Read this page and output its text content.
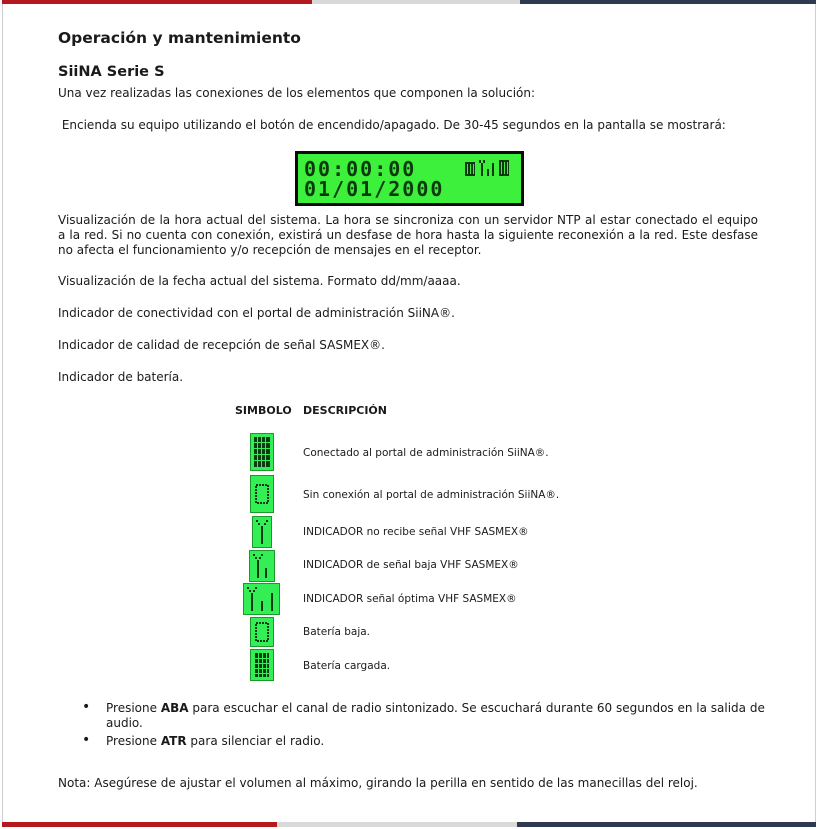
Operación y mantenimiento
SiiNA Serie S
Una vez realizadas las conexiones de los elementos que componen la solución:
Encienda su equipo utilizando el botón de encendido/apagado. De 30-45 segundos en la pantalla se mostrará:
00:00:00
01/01/2000
Visualización de la hora actual del sistema. La hora se sincroniza con un servidor NTP al estar conectado el equipo a la red. Si no cuenta con conexión, existirá un desfase de hora hasta la siguiente reconexión a la red. Este desfase no afecta el funcionamiento y/o recepción de mensajes en el receptor.
Visualización de la fecha actual del sistema. Formato dd/mm/aaaa.
Indicador de conectividad con el portal de administración SiiNA®.
Indicador de calidad de recepción de señal SASMEX®.
Indicador de batería.
SIMBOLO DESCRIPCIÓN
Conectado al portal de administración SiiNA®.
Sin conexión al portal de administración SiiNA®.
INDICADOR no recibe señal VHF SASMEX®
INDICADOR de señal baja VHF SASMEX®
INDICADOR señal óptima VHF SASMEX®
Batería baja.
Batería cargada.
• Presione ABA para escuchar el canal de radio sintonizado. Se escuchará durante 60 segundos en la salida de audio.
• Presione ATR para silenciar el radio.
Nota: Asegúrese de ajustar el volumen al máximo, girando la perilla en sentido de las manecillas del reloj.
